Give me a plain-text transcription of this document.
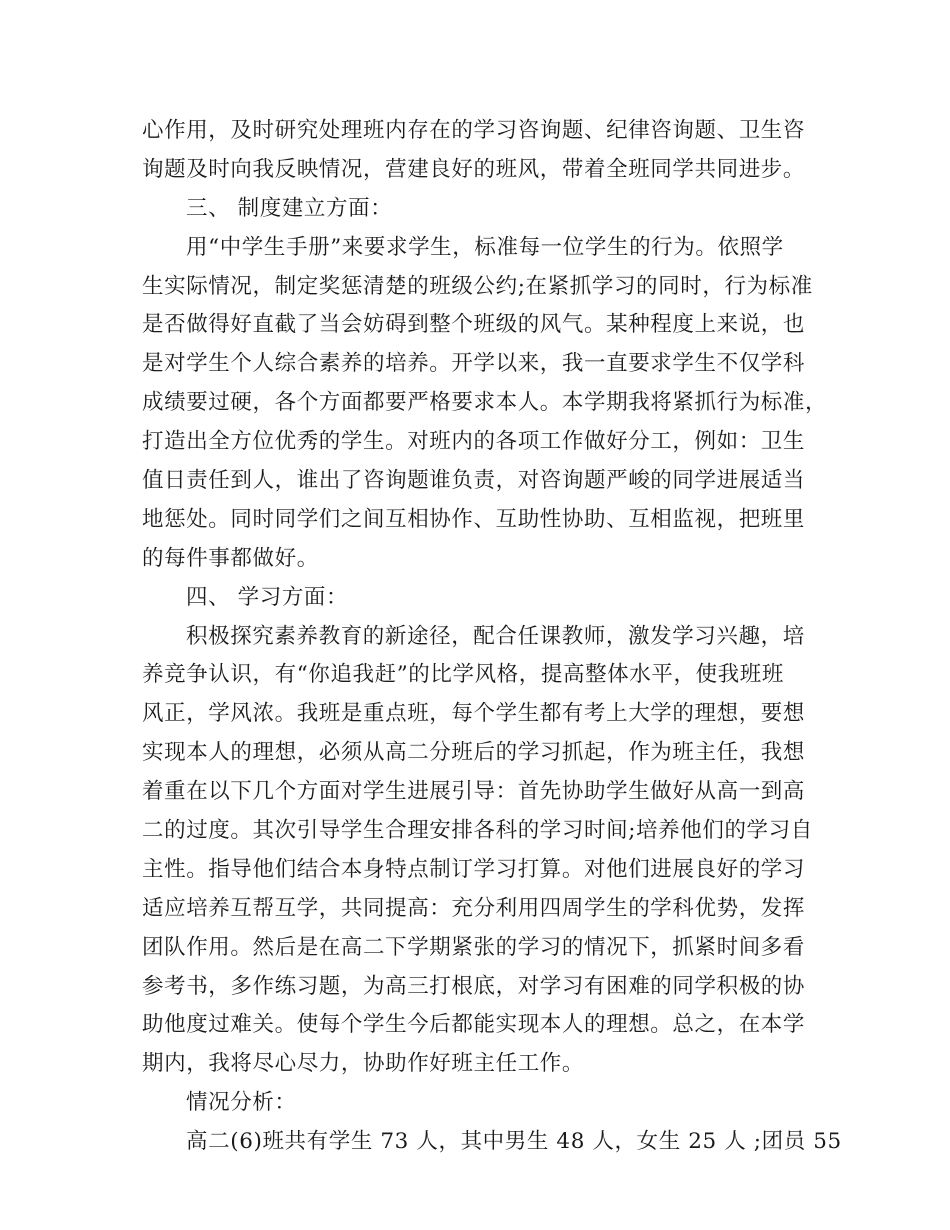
心作用，及时研究处理班内存在的学习咨询题、纪律咨询题、卫生咨
询题及时向我反映情况，营建良好的班风，带着全班同学共同进步。
三、 制度建立方面：
用“中学生手册”来要求学生，标准每一位学生的行为。依照学
生实际情况，制定奖惩清楚的班级公约;在紧抓学习的同时，行为标准
是否做得好直截了当会妨碍到整个班级的风气。某种程度上来说，也
是对学生个人综合素养的培养。开学以来，我一直要求学生不仅学科
成绩要过硬，各个方面都要严格要求本人。本学期我将紧抓行为标准，
打造出全方位优秀的学生。对班内的各项工作做好分工，例如：卫生
值日责任到人，谁出了咨询题谁负责，对咨询题严峻的同学进展适当
地惩处。同时同学们之间互相协作、互助性协助、互相监视，把班里
的每件事都做好。
四、 学习方面：
积极探究素养教育的新途径，配合任课教师，激发学习兴趣，培
养竞争认识，有“你追我赶”的比学风格，提高整体水平，使我班班
风正，学风浓。我班是重点班，每个学生都有考上大学的理想，要想
实现本人的理想，必须从高二分班后的学习抓起，作为班主任，我想
着重在以下几个方面对学生进展引导：首先协助学生做好从高一到高
二的过度。其次引导学生合理安排各科的学习时间;培养他们的学习自
主性。指导他们结合本身特点制订学习打算。对他们进展良好的学习
适应培养互帮互学，共同提高：充分利用四周学生的学科优势，发挥
团队作用。然后是在高二下学期紧张的学习的情况下，抓紧时间多看
参考书，多作练习题，为高三打根底，对学习有困难的同学积极的协
助他度过难关。使每个学生今后都能实现本人的理想。总之，在本学
期内，我将尽心尽力，协助作好班主任工作。
情况分析：
高二(6)班共有学生 73 人，其中男生 48 人，女生 25 人 ;团员 55
